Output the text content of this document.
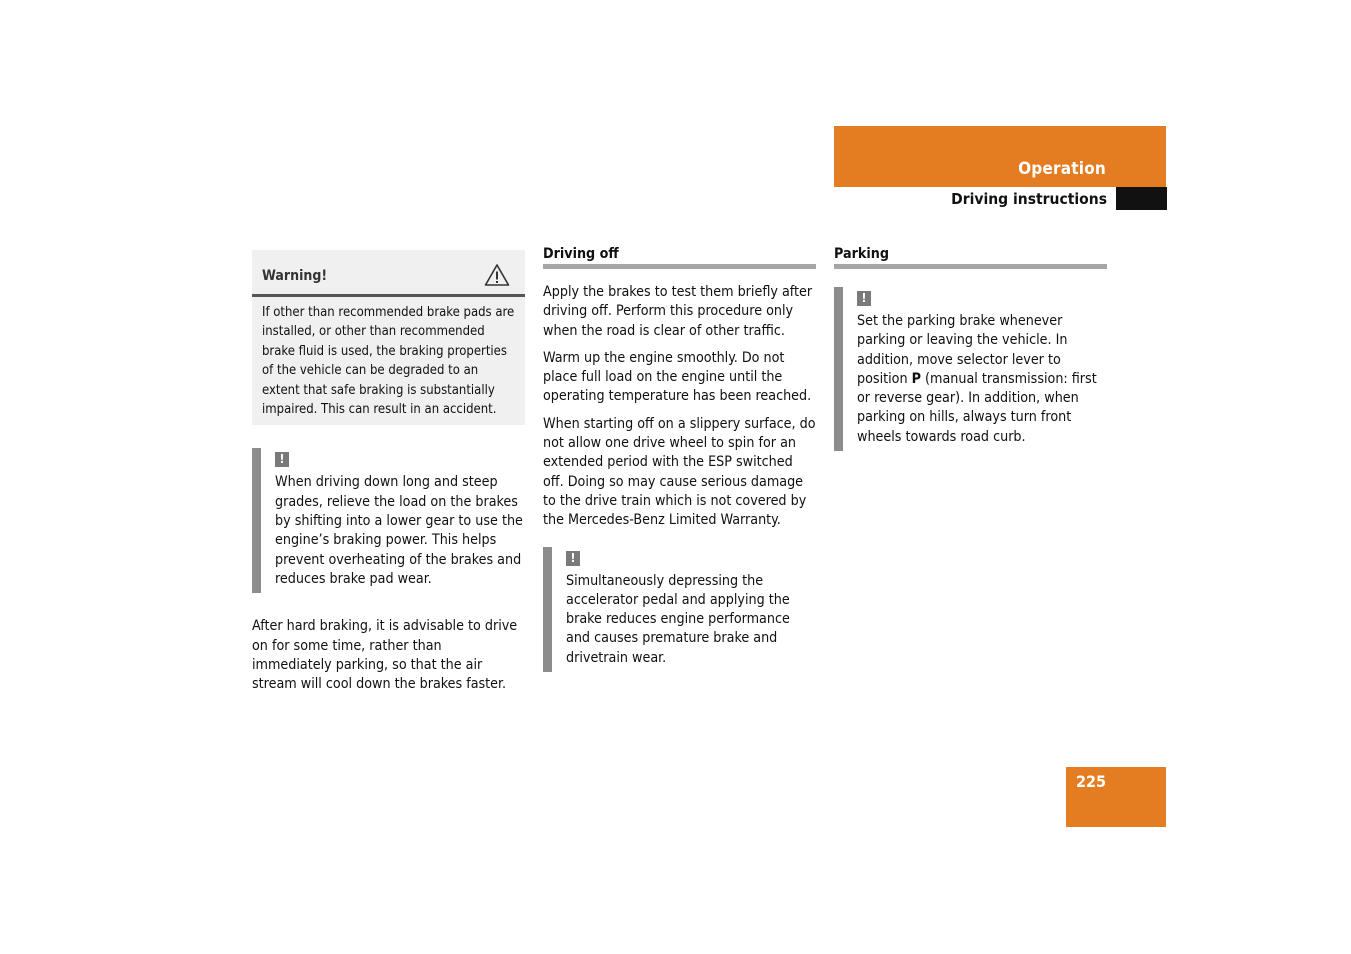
Operation
Driving instructions
Warning!
If other than recommended brake pads are installed, or other than recommended brake fluid is used, the braking properties of the vehicle can be degraded to an extent that safe braking is substantially impaired. This can result in an accident.
!

When driving down long and steep grades, relieve the load on the brakes by shifting into a lower gear to use the engine’s braking power. This helps prevent overheating of the brakes and reduces brake pad wear.

After hard braking, it is advisable to drive on for some time, rather than immediately parking, so that the air stream will cool down the brakes faster.

Driving off

Apply the brakes to test them briefly after driving off. Perform this procedure only when the road is clear of other traffic.

Warm up the engine smoothly. Do not place full load on the engine until the operating temperature has been reached.

When starting off on a slippery surface, do not allow one drive wheel to spin for an extended period with the ESP switched off. Doing so may cause serious damage to the drive train which is not covered by the Mercedes-Benz Limited Warranty.

!

Simultaneously depressing the accelerator pedal and applying the brake reduces engine performance and causes premature brake and drivetrain wear.

Parking
!

Set the parking brake whenever parking or leaving the vehicle. In addition, move selector lever to position P (manual transmission: first or reverse gear). In addition, when parking on hills, always turn front wheels towards road curb.

225
